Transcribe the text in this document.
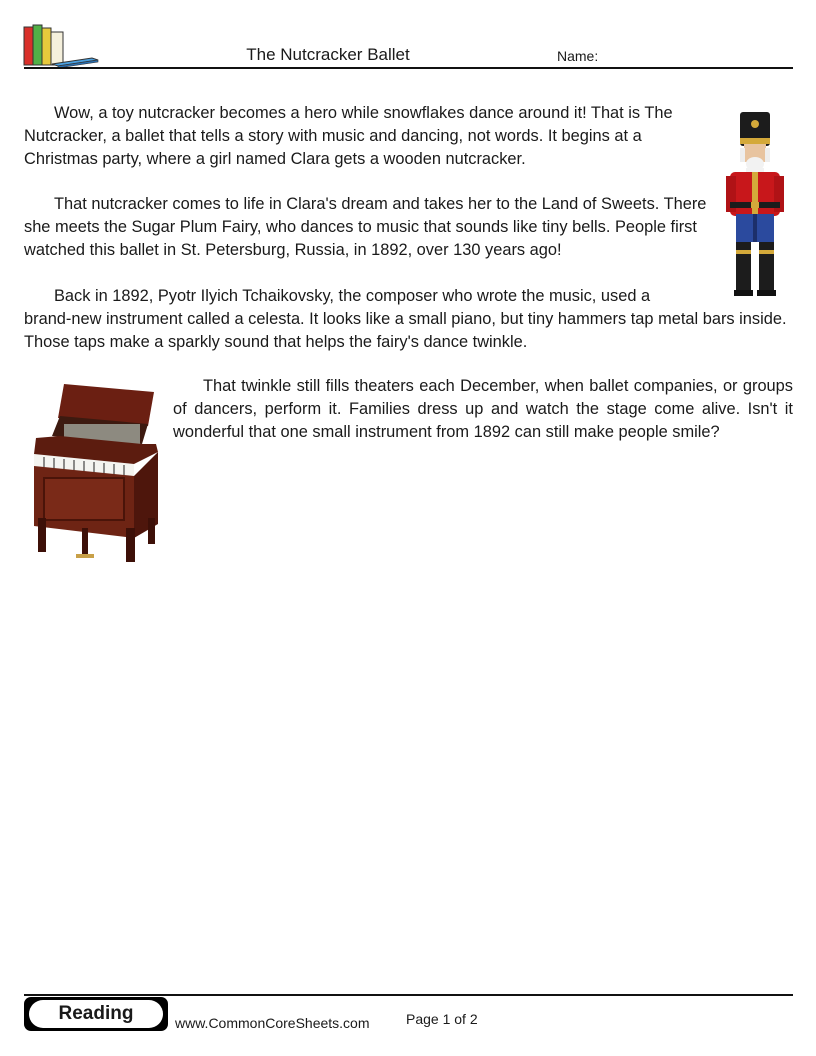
The Nutcracker Ballet	Name:

Wow, a toy nutcracker becomes a hero while snowflakes dance around it! That is The Nutcracker, a ballet that tells a story with music and dancing, not words. It begins at a Christmas party, where a girl named Clara gets a wooden nutcracker.

That nutcracker comes to life in Clara's dream and takes her to the Land of Sweets. There she meets the Sugar Plum Fairy, who dances to music that sounds like tiny bells. People first watched this ballet in St. Petersburg, Russia, in 1892, over 130 years ago!

Back in 1892, Pyotr Ilyich Tchaikovsky, the composer who wrote the music, used a
brand-new instrument called a celesta. It looks like a small piano, but tiny hammers tap metal bars inside. Those taps make a sparkly sound that helps the fairy's dance twinkle.

That twinkle still fills theaters each December, when ballet companies, or groups of dancers, perform it. Families dress up and watch the stage come alive. Isn't it wonderful that one small instrument from 1892 can still make people smile?

Reading	www.CommonCoreSheets.com	Page 1 of 2
